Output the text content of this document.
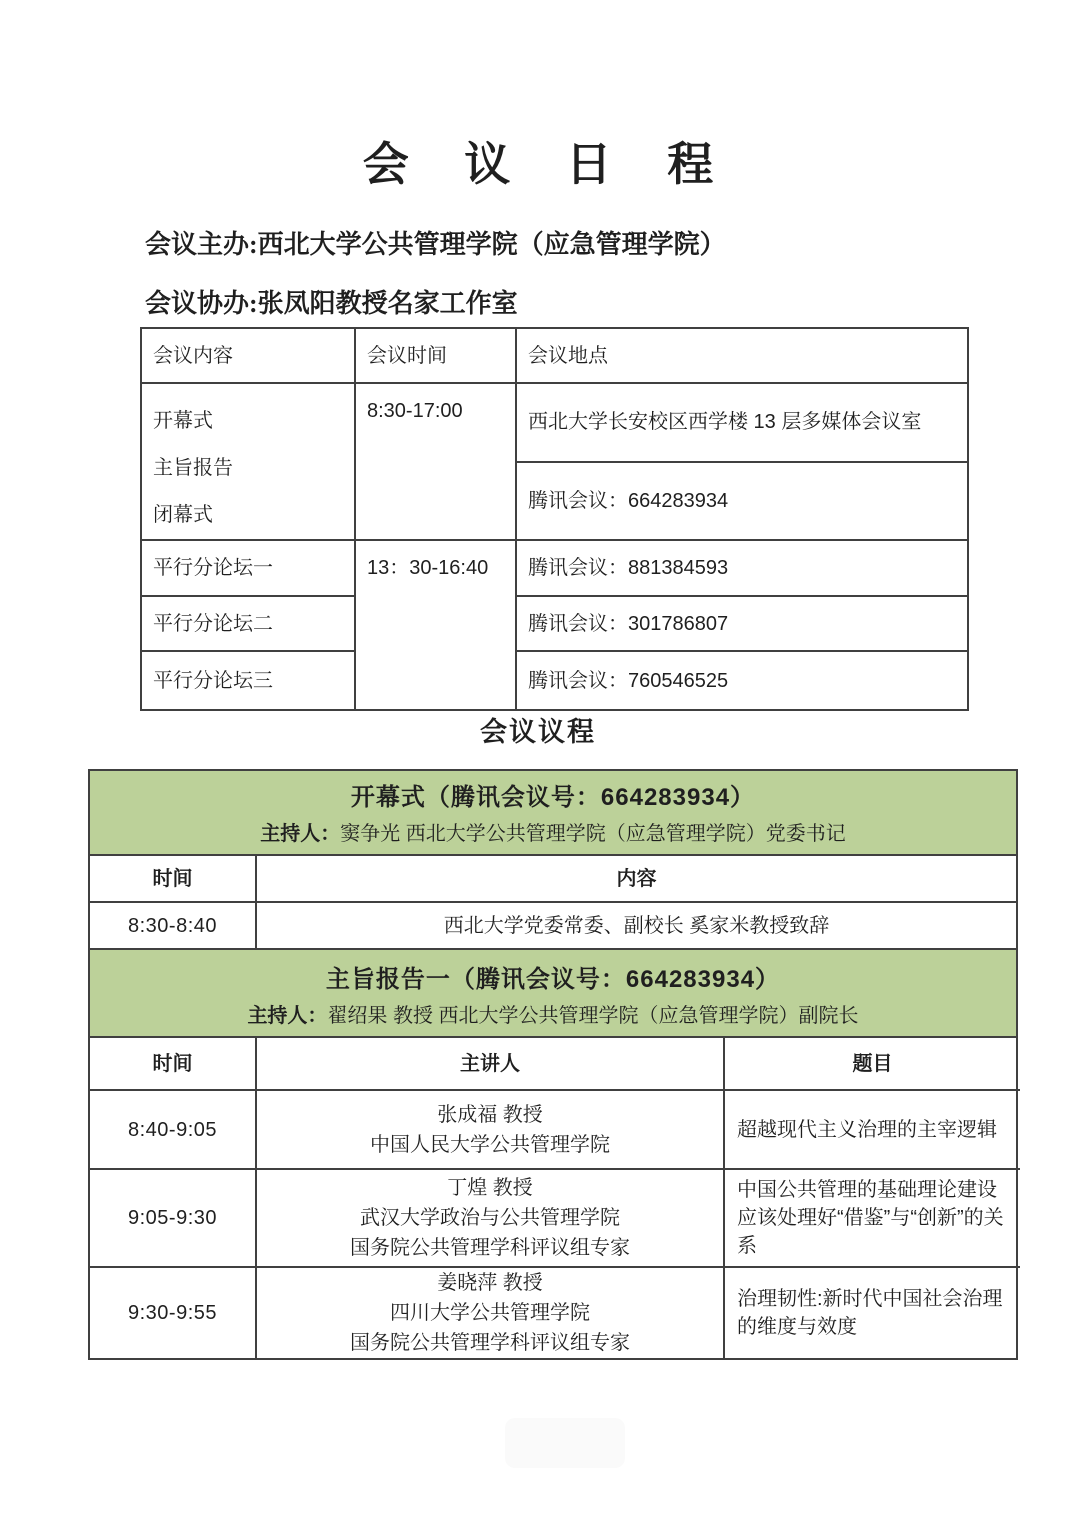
会 议 日 程
会议主办:西北大学公共管理学院（应急管理学院）
会议协办:张凤阳教授名家工作室
会议内容	会议时间	会议地点

开幕式
主旨报告
闭幕式	8:30-17:00	西北大学长安校区西学楼 13 层多媒体会议室
		腾讯会议：664283934
平行分论坛一	13：30-16:40	腾讯会议：881384593
平行分论坛二		腾讯会议：301786807
平行分论坛三		腾讯会议：760546525
会议议程
开幕式（腾讯会议号：664283934）
主持人：窦争光 西北大学公共管理学院（应急管理学院）党委书记
时间	内容
8:30-8:40	西北大学党委常委、副校长 奚家米教授致辞
主旨报告一（腾讯会议号：664283934）
主持人：翟绍果 教授 西北大学公共管理学院（应急管理学院）副院长
时间	主讲人	题目
8:40-9:05	张成福 教授
中国人民大学公共管理学院	超越现代主义治理的主宰逻辑
9:05-9:30	丁煌 教授
武汉大学政治与公共管理学院
国务院公共管理学科评议组专家	中国公共管理的基础理论建设应该处理好“借鉴”与“创新”的关系
9:30-9:55	姜晓萍 教授
四川大学公共管理学院
国务院公共管理学科评议组专家	治理韧性:新时代中国社会治理的维度与效度
